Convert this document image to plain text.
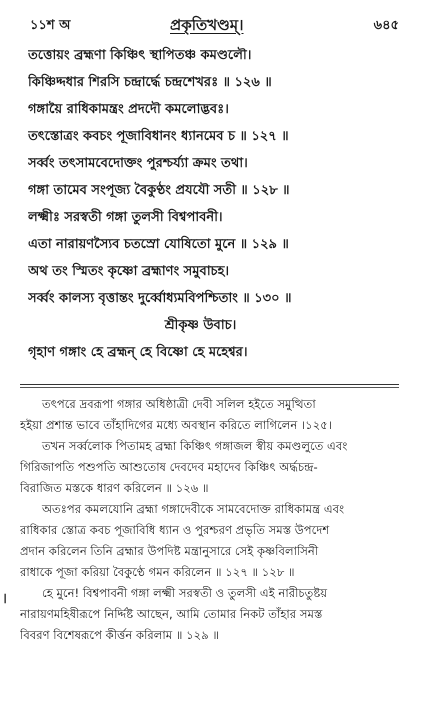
১১শ অ	প্রকৃতিখণ্ডম্।	৬৪৫
তত্তোয়ং ব্রহ্মণা কিঞ্চিৎ স্থাপিতঞ্চ কমণ্ডলৌ।
কিঞ্চিদ্দধার শিরসি চন্দ্রার্দ্ধে চন্দ্রশেখরঃ ॥ ১২৬ ॥
গঙ্গায়ৈ রাধিকামন্ত্রং প্রদদৌ কমলোদ্ভবঃ।
তৎস্তোত্রং কবচং পূজাবিধানং ধ্যানমেব চ ॥ ১২৭ ॥
সর্ব্বং তৎসামবেদোক্তং পুরশ্চর্য্যা ক্রমং তথা।
গঙ্গা তামেব সংপূজ্য বৈকুণ্ঠং প্রযযৌ সতী ॥ ১২৮ ॥
লক্ষ্মীঃ সরস্বতী গঙ্গা তুলসী বিশ্বপাবনী।
এতা নারায়ণস্যৈব চতস্রো যোষিতো মুনে ॥ ১২৯ ॥
অথ তং স্মিতং কৃষ্ণো ব্রহ্মাণং সমুবাচহ।
সর্ব্বং কালস্য বৃত্তান্তং দুর্ব্বোধ্যমবিপশ্চিতাং ॥ ১৩০ ॥
শ্রীকৃষ্ণ উবাচ।
গৃহাণ গঙ্গাং হে ব্রহ্মন্ হে বিষ্ণো হে মহেশ্বর।
তৎপরে দ্রবরূপা গঙ্গার অধিষ্ঠাত্রী দেবী সলিল হইতে সমুত্থিতা
হইয়া প্রশান্ত ভাবে তাঁহাদিগের মধ্যে অবস্থান করিতে লাগিলেন ।১২৫।
তখন সর্ব্বলোক পিতামহ ব্রহ্মা কিঞ্চিৎ গঙ্গাজল স্বীয় কমণ্ডলুতে এবং
গিরিজাপতি পশুপতি আশুতোষ দেবদেব মহাদেব কিঞ্চিৎ অর্দ্ধচন্দ্র-
বিরাজিত মস্তকে ধারণ করিলেন ॥ ১২৬ ॥
অতঃপর কমলযোনি ব্রহ্মা গঙ্গাদেবীকে সামবেদোক্ত রাধিকামন্ত্র এবং
রাধিকার স্তোত্র কবচ পূজাবিধি ধ্যান ও পুরশ্চরণ প্রভৃতি সমস্ত উপদেশ
প্রদান করিলেন তিনি ব্রহ্মার উপদিষ্ট মন্ত্রানুসারে সেই কৃষ্ণবিলাসিনী
রাধাকে পূজা করিয়া বৈকুণ্ঠে গমন করিলেন ॥ ১২৭ ॥ ১২৮ ॥
হে মুনে! বিশ্বপাবনী গঙ্গা লক্ষ্মী সরস্বতী ও তুলসী এই নারীচতুষ্টয়
নারায়ণমহিষীরূপে নির্দ্দিষ্ট আছেন, আমি তোমার নিকট তাঁহার সমস্ত
বিবরণ বিশেষরূপে কীর্ত্তন করিলাম ॥ ১২৯ ॥
৷
